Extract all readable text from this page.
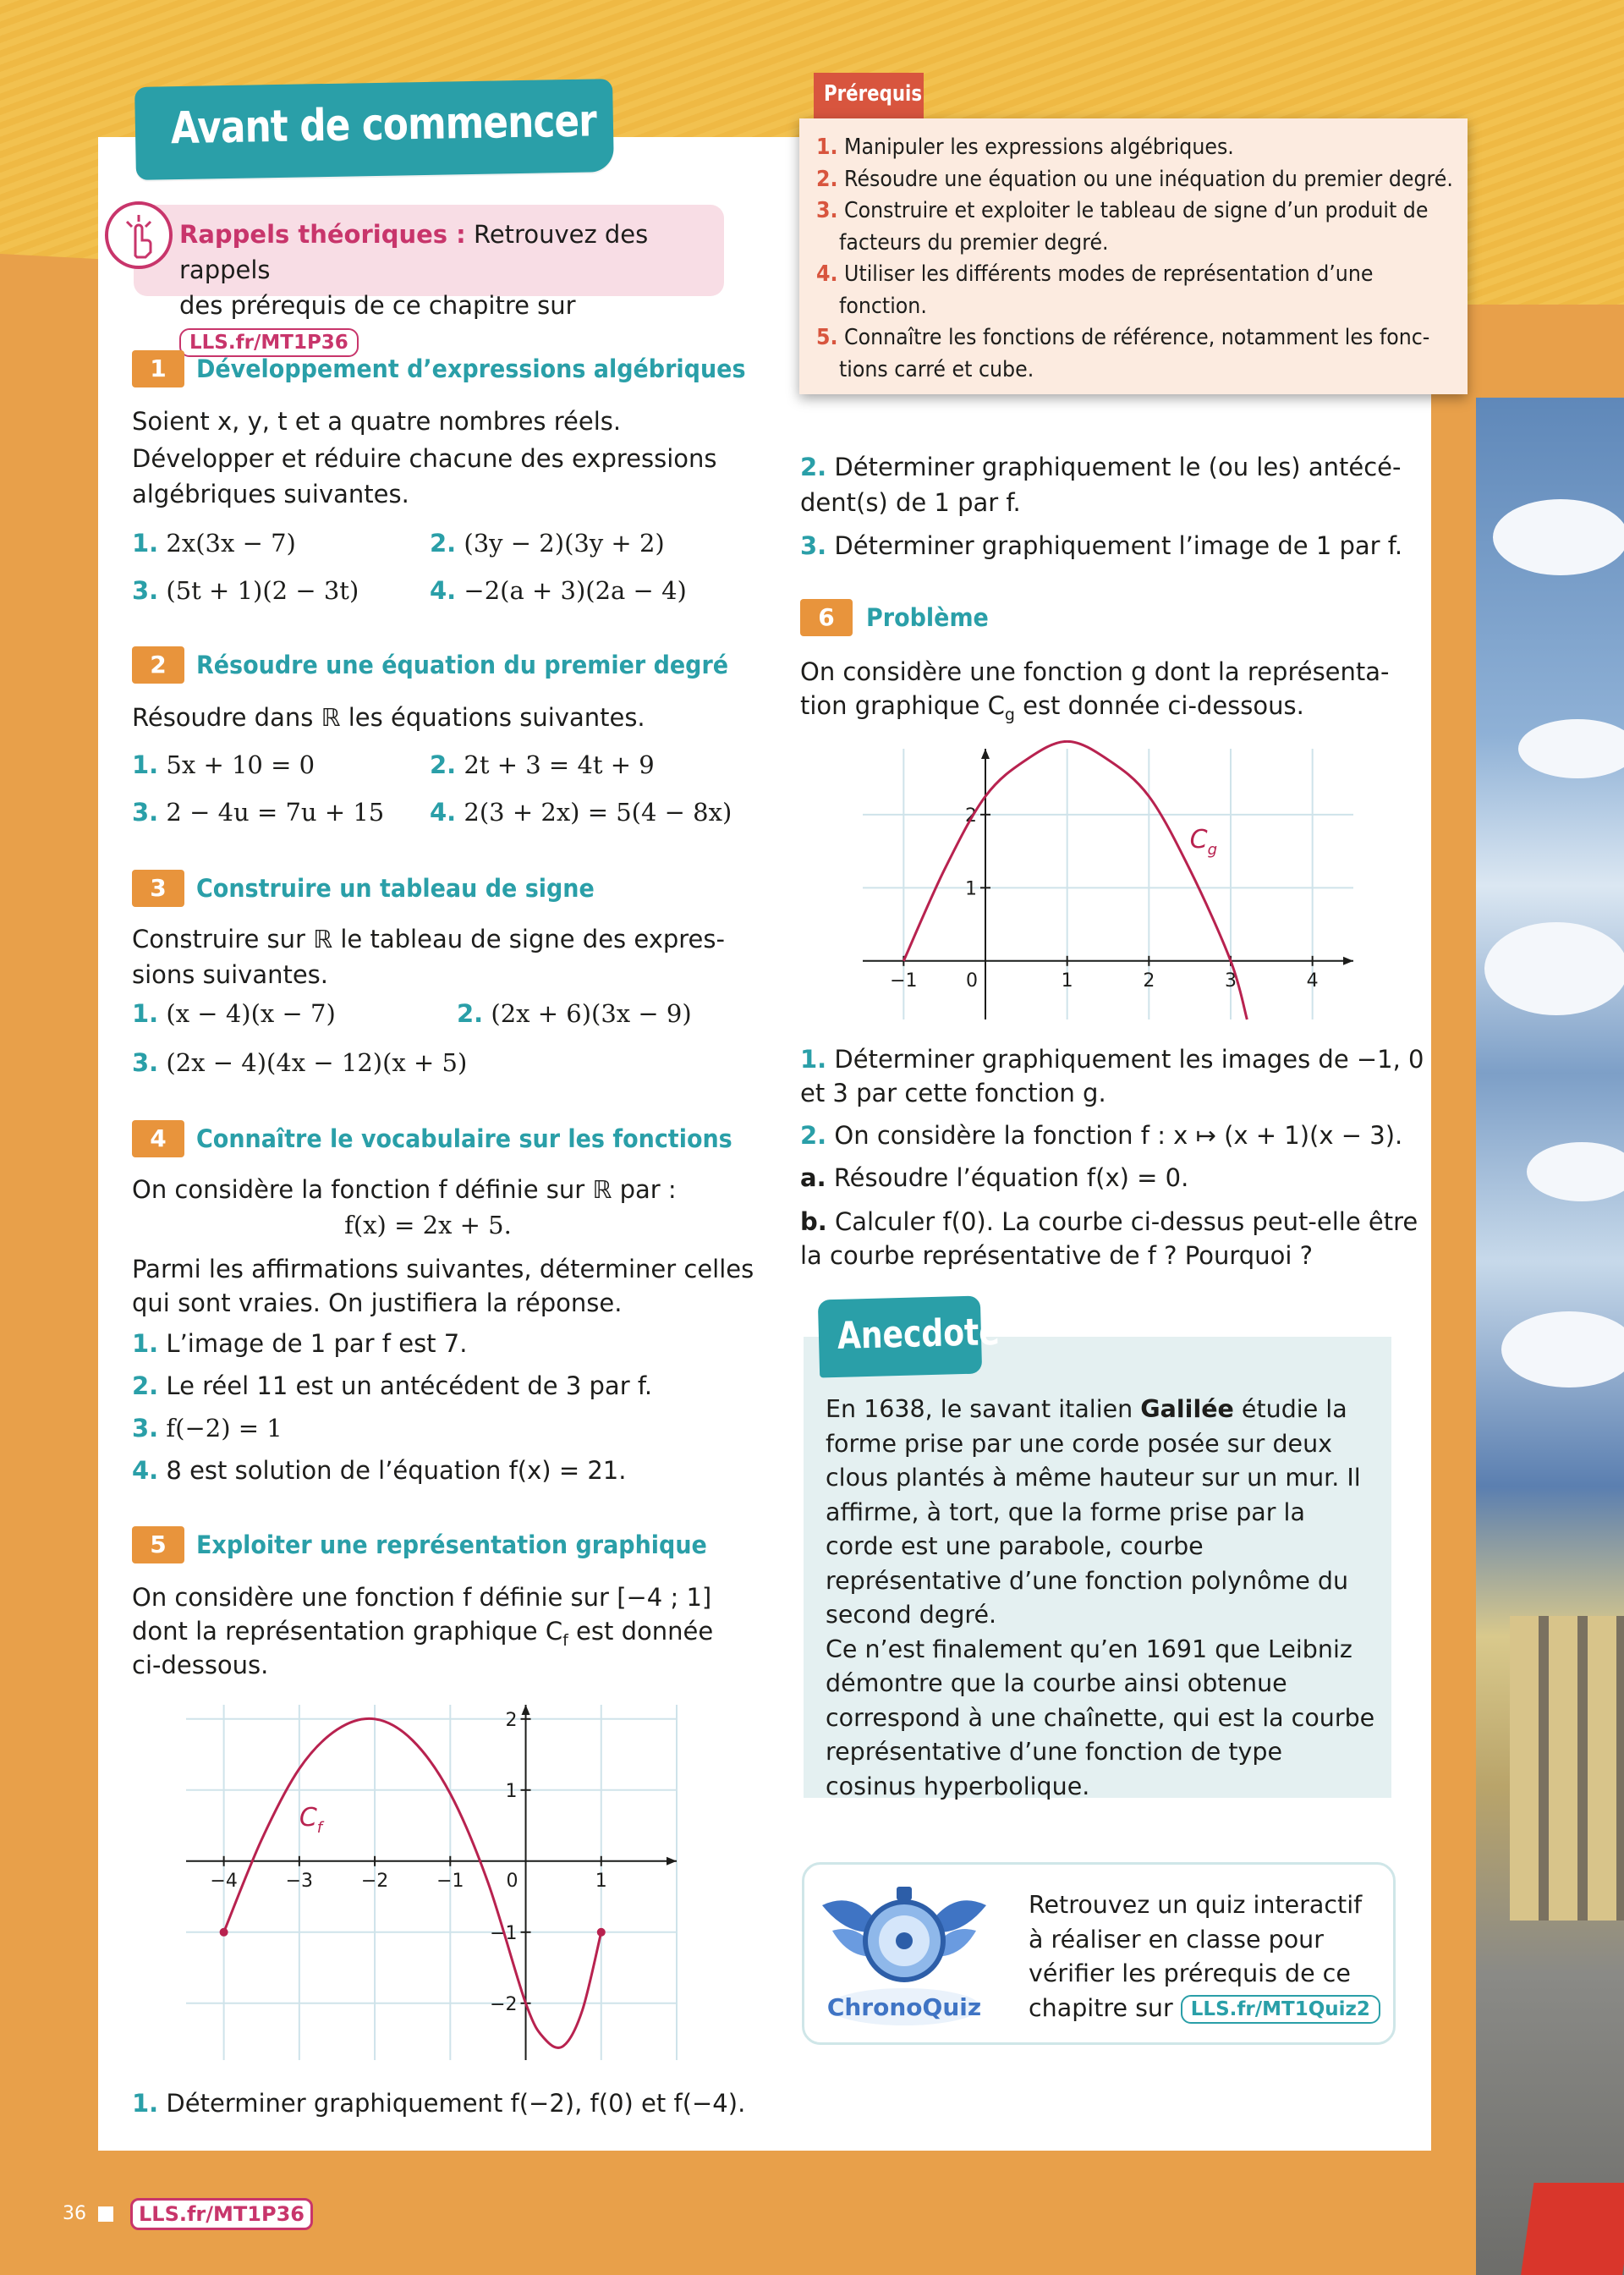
Avant de commencer
Rappels théoriques : Retrouvez des rappels
des prérequis de ce chapitre sur LLS.fr/MT1P36
Prérequis
1. Manipuler les expressions algébriques.
2. Résoudre une équation ou une inéquation du premier degré.
3. Construire et exploiter le tableau de signe d’un produit de facteurs du premier degré.
4. Utiliser les différents modes de représentation d’une fonction.
5. Connaître les fonctions de référence, notamment les fonc-tions carré et cube.
1	Développement d’expressions algébriques
Soient x, y, t et a quatre nombres réels.
Développer et réduire chacune des expressions
algébriques suivantes.
1. 2x(3x − 7)	2. (3y − 2)(3y + 2)
3. (5t + 1)(2 − 3t)	4. −2(a + 3)(2a − 4)
2	Résoudre une équation du premier degré
Résoudre dans ℝ les équations suivantes.
1. 5x + 10 = 0	2. 2t + 3 = 4t + 9
3. 2 − 4u = 7u + 15 4. 2(3 + 2x) = 5(4 − 8x)
3	Construire un tableau de signe
Construire sur ℝ le tableau de signe des expres-
sions suivantes.
1. (x − 4)(x − 7)	2. (2x + 6)(3x − 9)
3. (2x − 4)(4x − 12)(x + 5)
4	Connaître le vocabulaire sur les fonctions
On considère la fonction f définie sur ℝ par :
f(x) = 2x + 5.
Parmi les affirmations suivantes, déterminer celles
qui sont vraies. On justifiera la réponse.
1. L’image de 1 par f est 7.
2. Le réel 11 est un antécédent de 3 par f.
3. f(−2) = 1
4. 8 est solution de l’équation f(x) = 21.
5	Exploiter une représentation graphique
On considère une fonction f définie sur [−4 ; 1]
dont la représentation graphique $C_f$ est donnée
ci-dessous.
−4	−3	−2	−1 0	1
2
1
−1
−2
$C_f$
1. Déterminer graphiquement f(−2), f(0) et f(−4).
2. Déterminer graphiquement le (ou les) antécé-
dent(s) de 1 par f.
3. Déterminer graphiquement l’image de 1 par f.
6	Problème
On considère une fonction g dont la représenta-
tion graphique $C_g$ est donnée ci-dessous.
−1	0	1	2	3	4
2
1
$C_g$
1. Déterminer graphiquement les images de −1, 0
et 3 par cette fonction g.
2. On considère la fonction f : x ↦ (x + 1)(x − 3).
a. Résoudre l’équation f(x) = 0.
b. Calculer f(0). La courbe ci-dessus peut-elle être
la courbe représentative de f ? Pourquoi ?
Anecdote

En 1638, le savant italien Galilée étudie la forme prise par une corde posée sur deux clous plantés à même hauteur sur un mur. Il affirme, à tort, que la forme prise par la corde est une parabole, courbe représentative d’une fonction polynôme du second degré.

Ce n’est finalement qu’en 1691 que Leibniz démontre que la courbe ainsi obtenue correspond à une chaînette, qui est la courbe représentative d’une fonction de type cosinus hyperbolique.

ChronoQuiz
Retrouvez un quiz interactif à réaliser en classe pour vérifier les prérequis de ce chapitre sur LLS.fr/MT1Quiz2
36	LLS.fr/MT1P36
